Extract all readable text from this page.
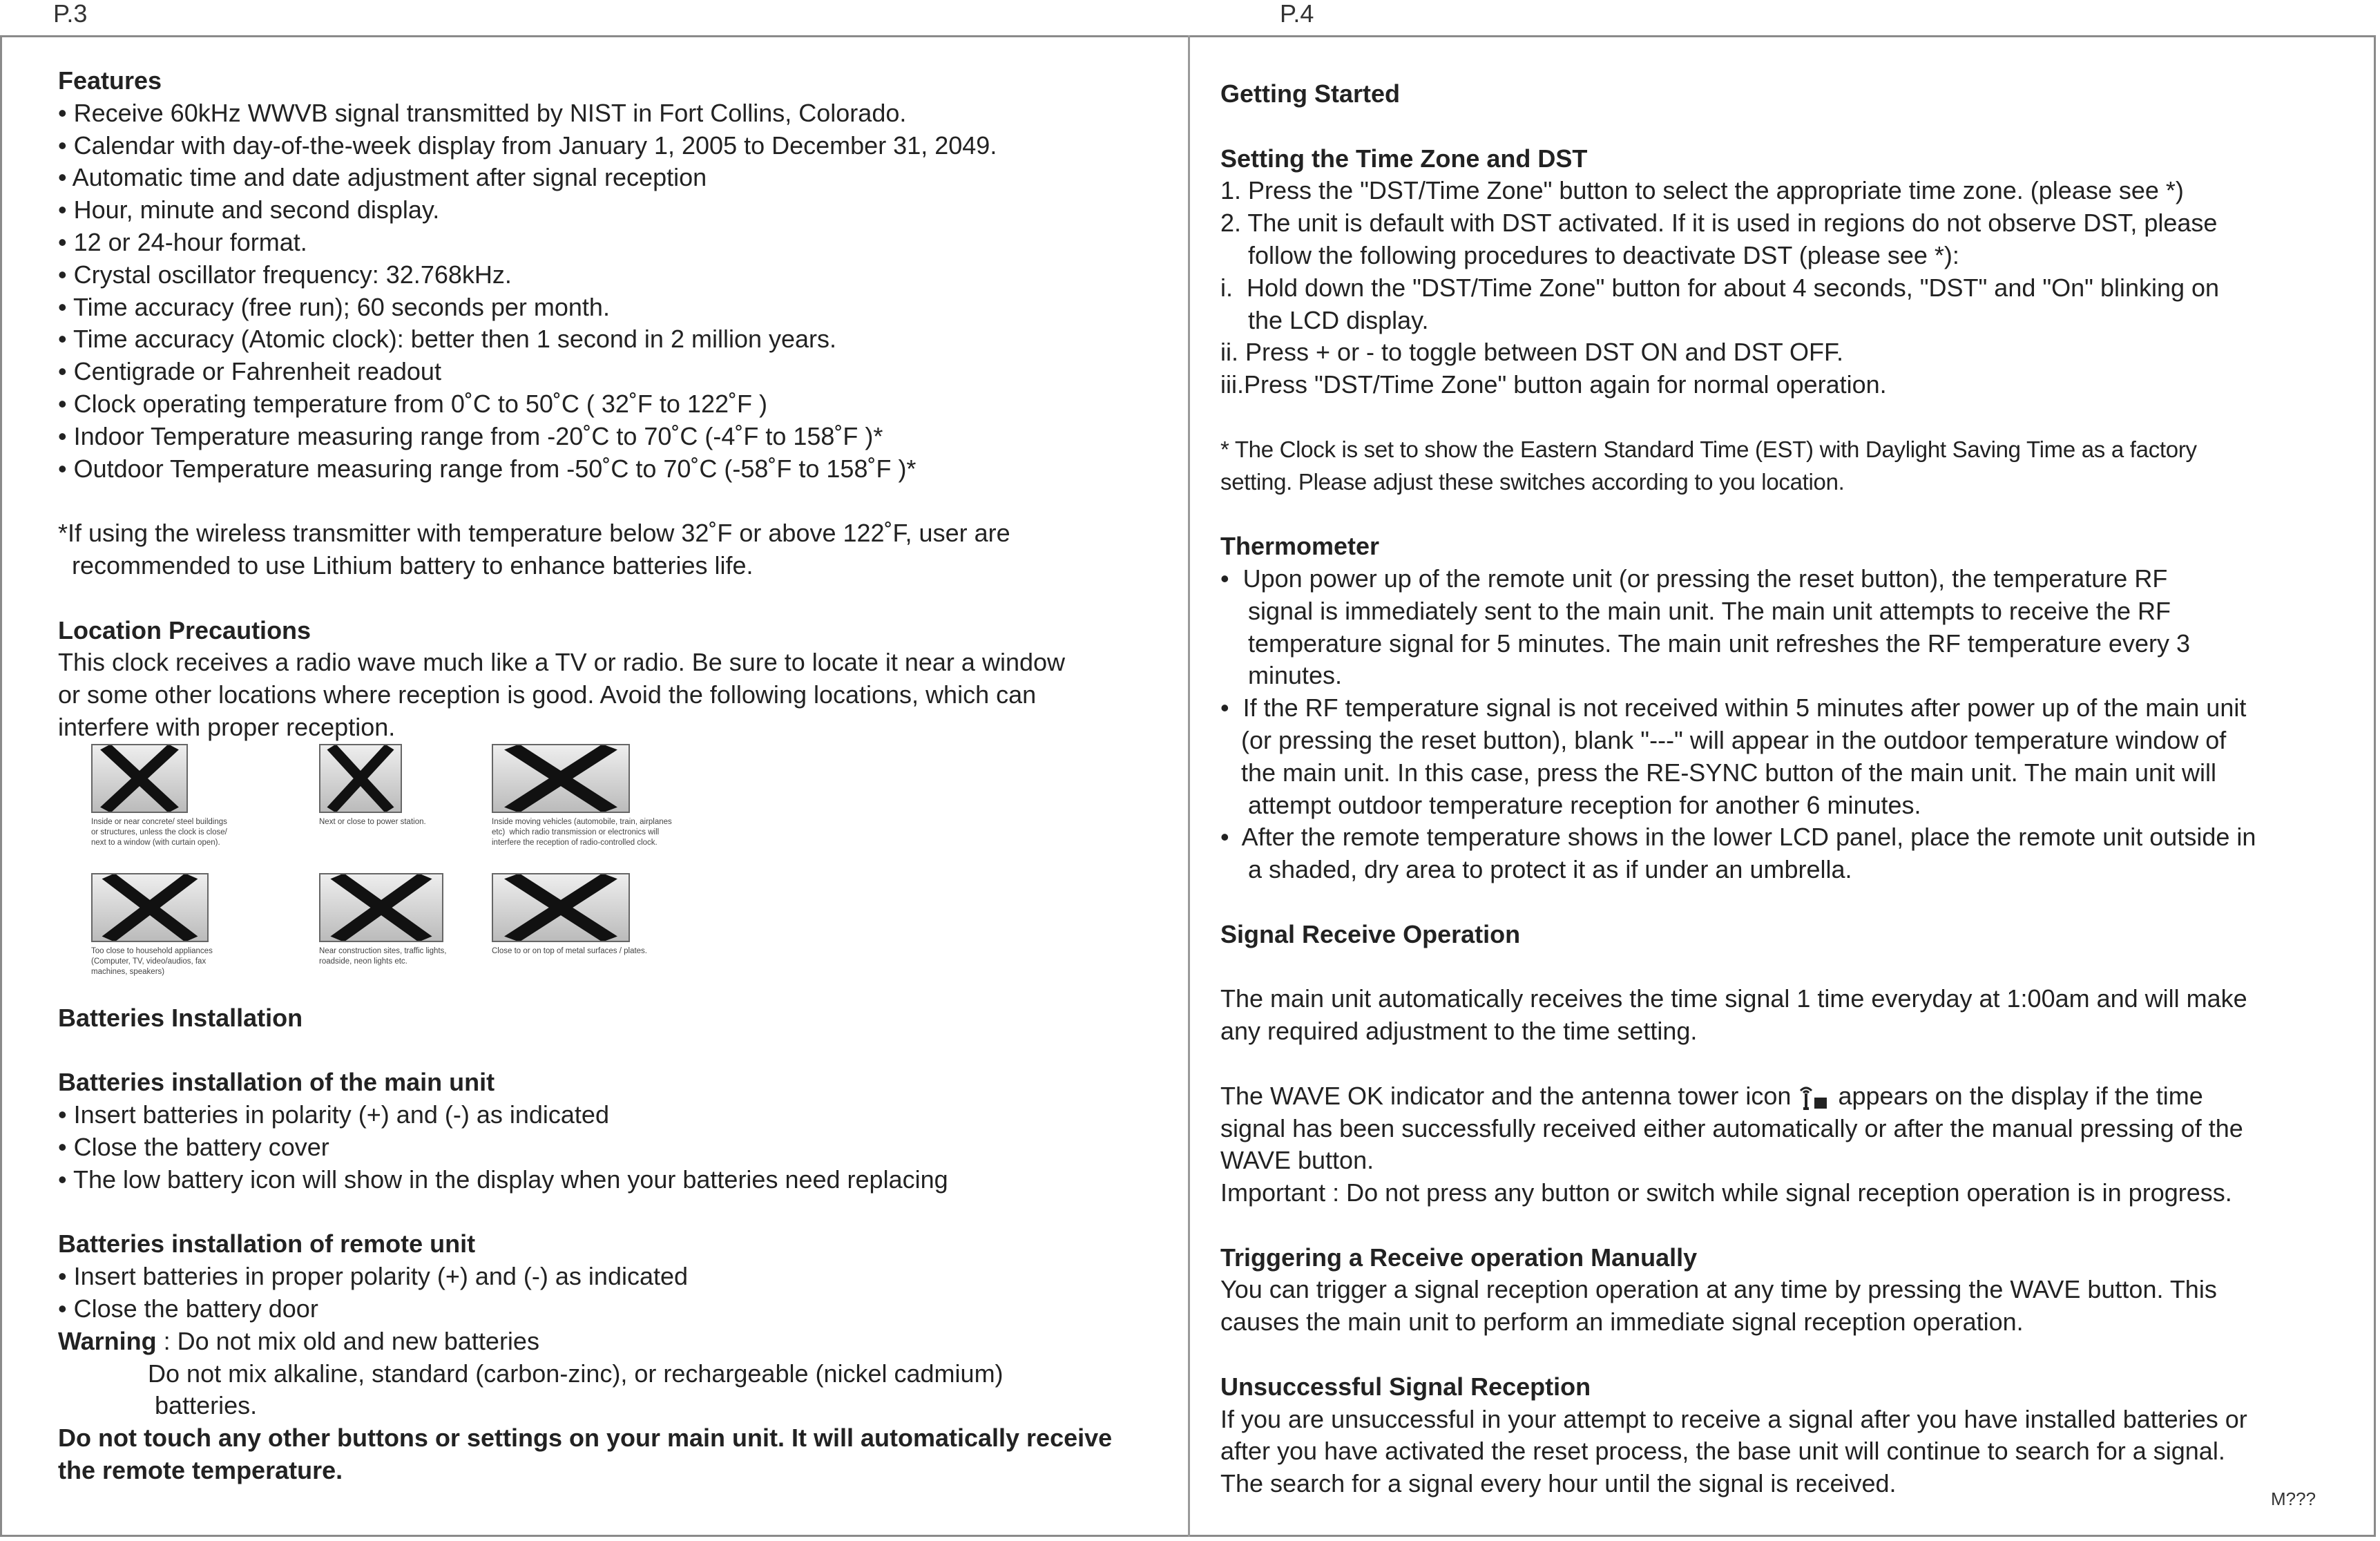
P.3	P.4
Features
• Receive 60kHz WWVB signal transmitted by NIST in Fort Collins, Colorado.
• Calendar with day-of-the-week display from January 1, 2005 to December 31, 2049.
• Automatic time and date adjustment after signal reception
• Hour, minute and second display.
• 12 or 24-hour format.
• Crystal oscillator frequency: 32.768kHz.
• Time accuracy (free run); 60 seconds per month.
• Time accuracy (Atomic clock): better then 1 second in 2 million years.
• Centigrade or Fahrenheit readout
• Clock operating temperature from 0˚C to 50˚C ( 32˚F to 122˚F )
• Indoor Temperature measuring range from -20˚C to 70˚C (-4˚F to 158˚F )*
• Outdoor Temperature measuring range from -50˚C to 70˚C (-58˚F to 158˚F )*
*If using the wireless transmitter with temperature below 32˚F or above 122˚F, user are
recommended to use Lithium battery to enhance batteries life.
Location Precautions
This clock receives a radio wave much like a TV or radio. Be sure to locate it near a window
or some other locations where reception is good. Avoid the following locations, which can
interfere with proper reception.
Inside or near concrete/ steel buildings
or structures, unless the clock is close/
next to a window (with curtain open).
Next or close to power station.	Inside moving vehicles (automobile, train, airplanes
etc)  which radio transmission or electronics will
interfere the reception of radio-controlled clock.
Too close to household appliances
(Computer, TV, video/audios, fax
machines, speakers)
Near construction sites, traffic lights,
roadside, neon lights etc.
Close to or on top of metal surfaces / plates.
Batteries Installation
Batteries installation of the main unit
• Insert batteries in polarity (+) and (-) as indicated
• Close the battery cover
• The low battery icon will show in the display when your batteries need replacing
Batteries installation of remote unit
• Insert batteries in proper polarity (+) and (-) as indicated
• Close the battery door
Warning : Do not mix old and new batteries
Do not mix alkaline, standard (carbon-zinc), or rechargeable (nickel cadmium)
batteries.
Do not touch any other buttons or settings on your main unit. It will automatically receive
the remote temperature.
Getting Started
Setting the Time Zone and DST
1. Press the "DST/Time Zone" button to select the appropriate time zone. (please see *)
2. The unit is default with DST activated. If it is used in regions do not observe DST, please
follow the following procedures to deactivate DST (please see *):
i.  Hold down the "DST/Time Zone" button for about 4 seconds, "DST" and "On" blinking on
the LCD display.
ii. Press + or - to toggle between DST ON and DST OFF.
iii.Press "DST/Time Zone" button again for normal operation.
* The Clock is set to show the Eastern Standard Time (EST) with Daylight Saving Time as a factory
setting. Please adjust these switches according to you location.
Thermometer
•  Upon power up of the remote unit (or pressing the reset button), the temperature RF
signal is immediately sent to the main unit. The main unit attempts to receive the RF
temperature signal for 5 minutes. The main unit refreshes the RF temperature every 3
minutes.
•  If the RF temperature signal is not received within 5 minutes after power up of the main unit
(or pressing the reset button), blank "---" will appear in the outdoor temperature window of
the main unit. In this case, press the RE-SYNC button of the main unit. The main unit will
attempt outdoor temperature reception for another 6 minutes.
•  After the remote temperature shows in the lower LCD panel, place the remote unit outside in
a shaded, dry area to protect it as if under an umbrella.
Signal Receive Operation
The main unit automatically receives the time signal 1 time everyday at 1:00am and will make
any required adjustment to the time setting.
The WAVE OK indicator and the antenna tower icon  appears on the display if the time
signal has been successfully received either automatically or after the manual pressing of the
WAVE button.
Important : Do not press any button or switch while signal reception operation is in progress.
Triggering a Receive operation Manually
You can trigger a signal reception operation at any time by pressing the WAVE button. This
causes the main unit to perform an immediate signal reception operation.
Unsuccessful Signal Reception
If you are unsuccessful in your attempt to receive a signal after you have installed batteries or
after you have activated the reset process, the base unit will continue to search for a signal.
The search for a signal every hour until the signal is received.
M???
